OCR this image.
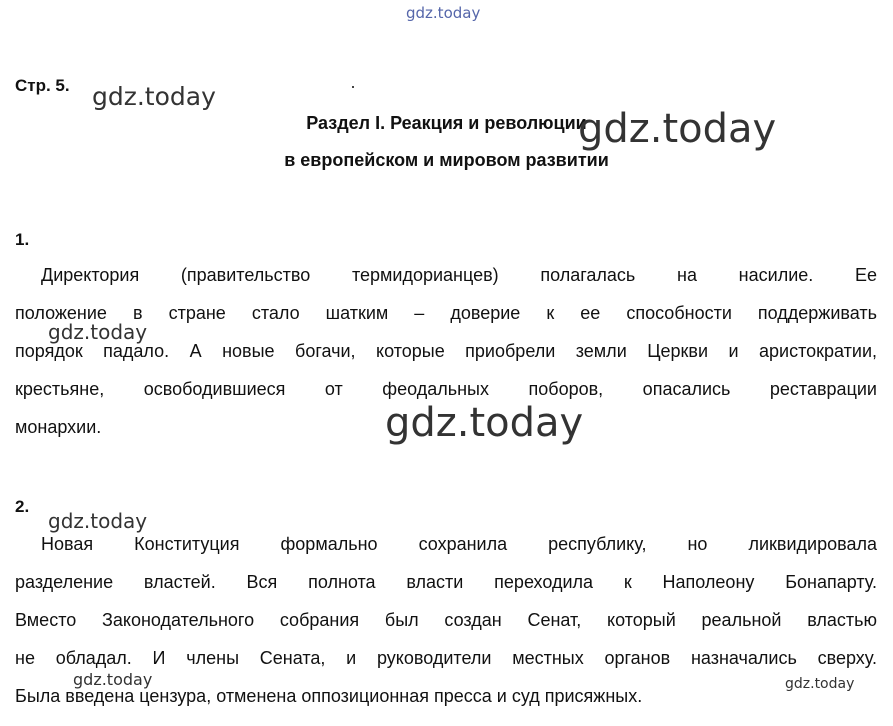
gdz.today
Стр. 5.
Раздел I. Реакция и революции
в европейском и мировом развитии
1.
Директория (правительство термидорианцев) полагалась на насилие. Ее
положение в стране стало шатким – доверие к ее способности поддерживать
порядок падало. А новые богачи, которые приобрели земли Церкви и аристократии,
крестьяне, освободившиеся от феодальных поборов, опасались реставрации
монархии.
2.
Новая Конституция формально сохранила республику, но ликвидировала
разделение властей. Вся полнота власти переходила к Наполеону Бонапарту.
Вместо Законодательного собрания был создан Сенат, который реальной властью
не обладал. И члены Сената, и руководители местных органов назначались сверху.
Была введена цензура, отменена оппозиционная пресса и суд присяжных.
gdz.today
gdz.today
gdz.today
gdz.today
gdz.today
gdz.today	gdz.today
